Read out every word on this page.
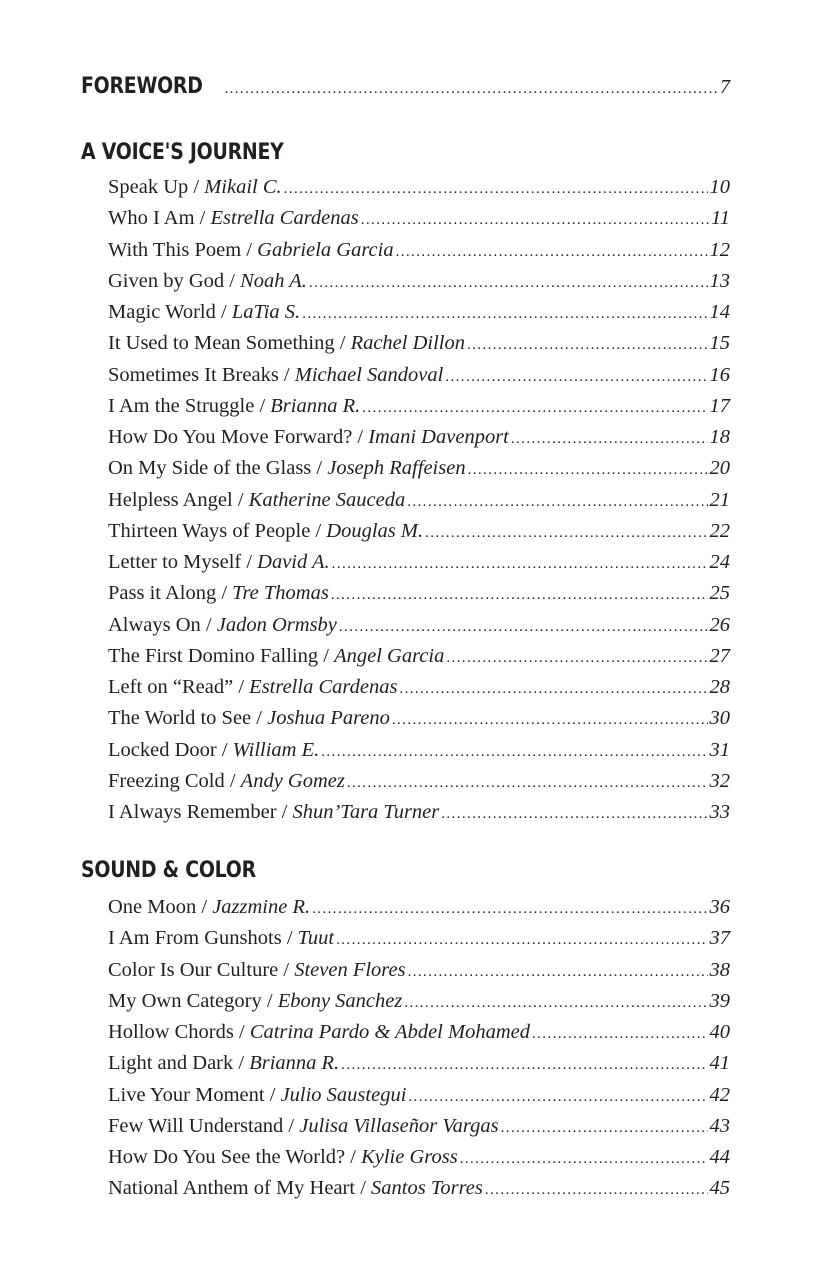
FOREWORD .....	7
A VOICE'S JOURNEY
Speak Up / Mikail C. .....	10
Who I Am / Estrella Cardenas .....	11
With This Poem / Gabriela Garcia .....	12
Given by God / Noah A. .....	13
Magic World / LaTia S. .....	14
It Used to Mean Something / Rachel Dillon .....	15
Sometimes It Breaks / Michael Sandoval .....	16
I Am the Struggle / Brianna R. .....	17
How Do You Move Forward? / Imani Davenport .....	18
On My Side of the Glass / Joseph Raffeisen .....	20
Helpless Angel / Katherine Sauceda .....	21
Thirteen Ways of People / Douglas M. .....	22
Letter to Myself / David A. .....	24
Pass it Along / Tre Thomas .....	25
Always On / Jadon Ormsby .....	26
The First Domino Falling / Angel Garcia .....	27
Left on “Read” / Estrella Cardenas .....	28
The World to See / Joshua Pareno .....	30
Locked Door / William E. .....	31
Freezing Cold / Andy Gomez .....	32
I Always Remember / Shun’Tara Turner .....	33
SOUND & COLOR
One Moon / Jazzmine R. .....	36
I Am From Gunshots / Tuut .....	37
Color Is Our Culture / Steven Flores .....	38
My Own Category / Ebony Sanchez .....	39
Hollow Chords / Catrina Pardo & Abdel Mohamed .....	40
Light and Dark / Brianna R. .....	41
Live Your Moment / Julio Saustegui .....	42
Few Will Understand / Julisa Villaseñor Vargas .....	43
How Do You See the World? / Kylie Gross .....	44
National Anthem of My Heart / Santos Torres .....	45
